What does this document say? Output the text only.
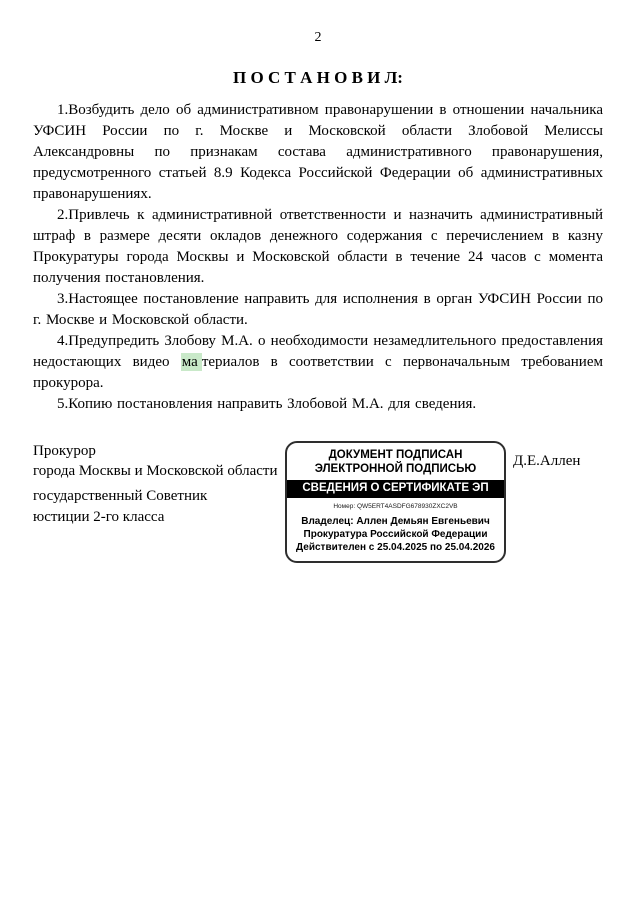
2
П О С Т А Н О В И Л:

1.Возбудить дело об административном правонарушении в отношении начальника УФСИН России по г. Москве и Московской области Злобовой Мелиссы Александровны по признакам состава административного правонарушения, предусмотренного статьей 8.9 Кодекса Российской Федерации об административных правонарушениях.

2.Привлечь к административной ответственности и назначить административный штраф в размере десяти окладов денежного содержания с перечислением в казну Прокуратуры города Москвы и Московской области в течение 24 часов с момента получения постановления.

3.Настоящее постановление направить для исполнения в орган УФСИН России по г. Москве и Московской области.

4.Предупредить Злобову М.А. о необходимости незамедлительного предоставления недостающих видео ма териалов в соответствии с первоначальным требованием прокурора.

5.Копию постановления направить Злобовой М.А. для сведения.

Прокурор
города Москвы и Московской области
государственный Советник
юстиции 2-го класса
ДОКУМЕНТ ПОДПИСАН
ЭЛЕКТРОННОЙ ПОДПИСЬЮ
СВЕДЕНИЯ О СЕРТИФИКАТЕ ЭП
Номер: QW5ERT4ASDFG678930ZXC2VB
Владелец: Аллен Демьян Евгеньевич
Прокуратура Российской Федерации
Действителен с 25.04.2025 по 25.04.2026
Д.Е.Аллен
